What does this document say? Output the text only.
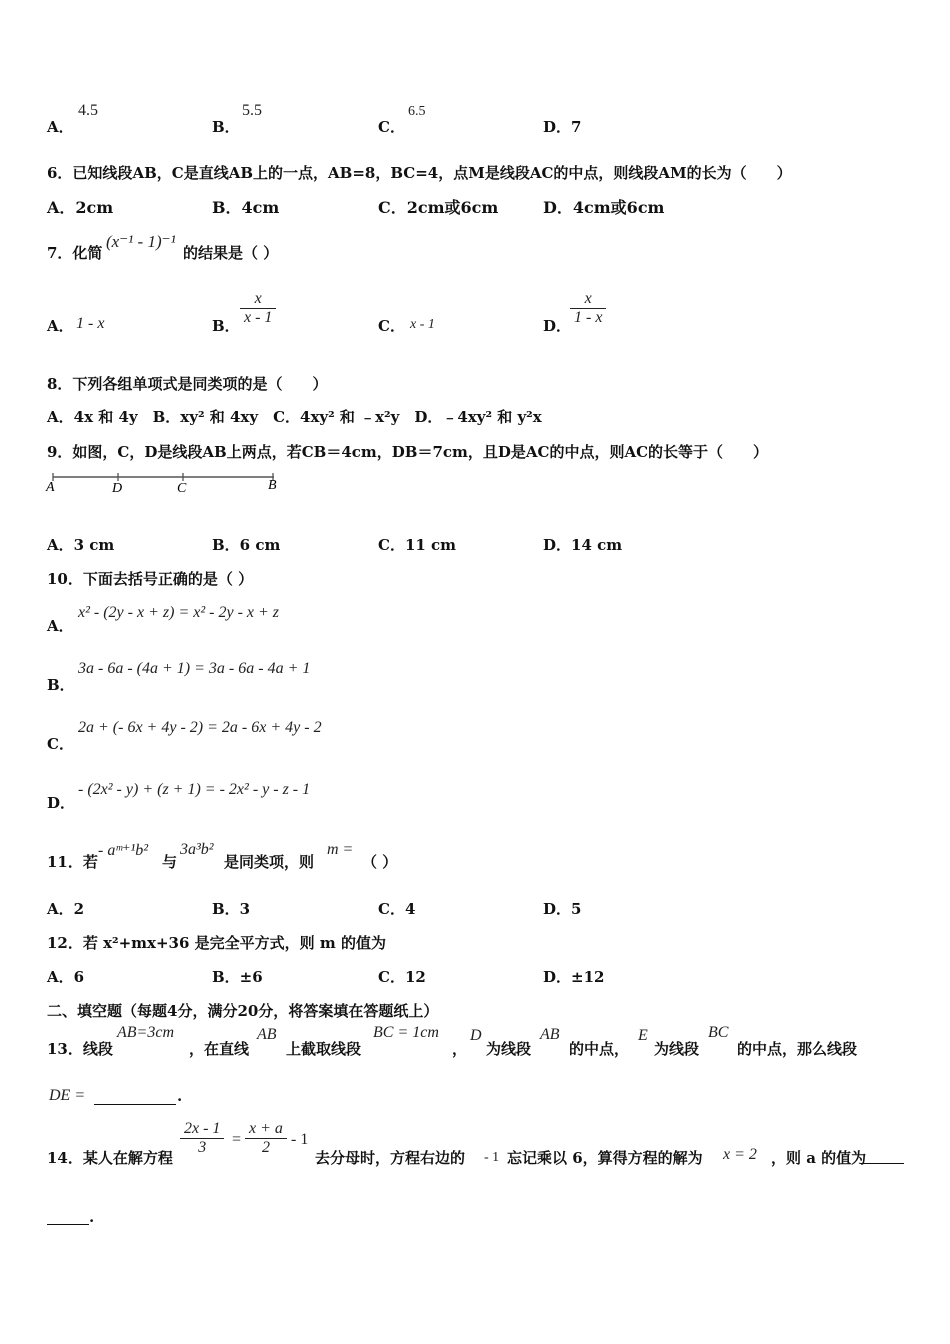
A．
4.5
B．
5.5
C．
6.5
D．7
6．已知线段AB，C是直线AB上的一点，AB=8，BC=4，点M是线段AC的中点，则线段AM的长为（　　）
A．2cm	B．4cm	C．2cm或6cm	D．4cm或6cm
7．化简
(x⁻¹ - 1)⁻¹
的结果是（ ）
A． 1 - x	B． $\frac{x}{x - 1}$	C． x - 1	D．
$\frac{x}{1 - x}$
8．下列各组单项式是同类项的是（　　）
A．4x 和 4y　B．xy² 和 4xy　C．4xy² 和 ﹣x²y　D．﹣4xy² 和 y²x
9．如图，C，D是线段AB上两点，若CB＝4cm，DB＝7cm，且D是AC的中点，则AC的长等于（　　）
A	D	C	B
A．3 cm	B．6 cm	C．11 cm	D．14 cm
10．下面去括号正确的是（ ）
A．
x² - (2y - x + z) = x² - 2y - x + z
B．
3a - 6a - (4a + 1) = 3a - 6a - 4a + 1
C．
2a + (- 6x + 4y - 2) = 2a - 6x + 4y - 2
D．
- (2x² - y) + (z + 1) = - 2x² - y - z - 1
11．若
- aᵐ⁺¹b²
与
3a³b²
是同类项，则
m =
（ ）
A．2	B．3	C．4	D．5
12．若 x²+mx+36 是完全平方式，则 m 的值为
A．6	B．±6	C．12	D．±12
二、填空题（每题4分，满分20分，将答案填在答题纸上）
13．线段
AB=3cm
，在直线
AB
上截取线段
BC = 1cm
，
D
为线段
AB
的中点，
E
为线段
BC
的中点，那么线段
DE =	.
14．某人在解方程
$\frac{2x - 1}{3} = \frac{x + a}{2} - 1$
去分母时，方程右边的 - 1 忘记乘以 6，算得方程的解为 x = 2 ，则 a 的值为
.
